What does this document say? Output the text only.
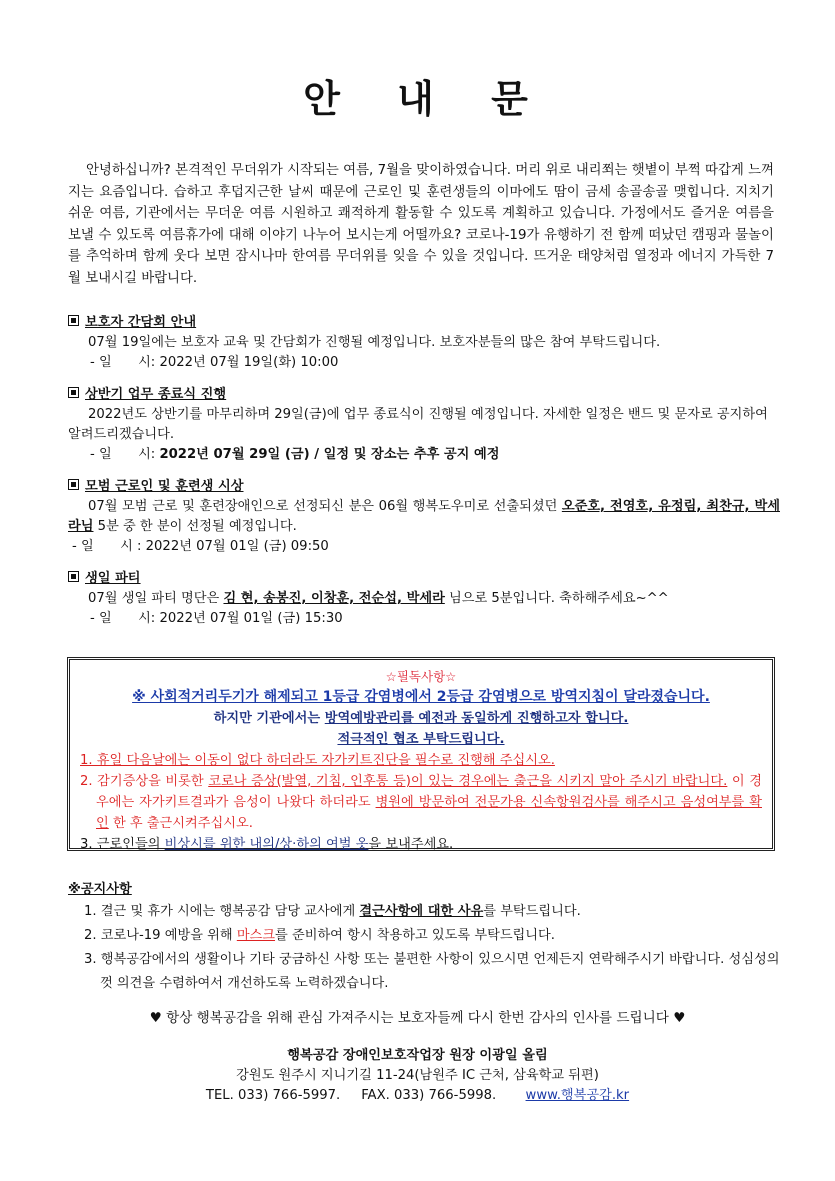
안 내 문
안녕하십니까? 본격적인 무더위가 시작되는 여름, 7월을 맞이하였습니다. 머리 위로 내리쬐는 햇볕이 부쩍 따갑게 느껴지는 요즘입니다. 습하고 후덥지근한 날씨 때문에 근로인 및 훈련생들의 이마에도 땀이 금세 송골송골 맺힙니다. 지치기 쉬운 여름, 기관에서는 무더운 여름 시원하고 쾌적하게 활동할 수 있도록 계획하고 있습니다. 가정에서도 즐거운 여름을 보낼 수 있도록 여름휴가에 대해 이야기 나누어 보시는게 어떨까요? 코로나-19가 유행하기 전 함께 떠났던 캠핑과 물놀이를 추억하며 함께 웃다 보면 잠시나마 한여름 무더위를 잊을 수 있을 것입니다. 뜨거운 태양처럼 열정과 에너지 가득한 7월 보내시길 바랍니다.
보호자 간담회 안내
07월 19일에는 보호자 교육 및 간담회가 진행될 예정입니다. 보호자분들의 많은 참여 부탁드립니다.
- 일　　시: 2022년 07월 19일(화) 10:00
상반기 업무 종료식 진행
2022년도 상반기를 마무리하며 29일(금)에 업무 종료식이 진행될 예정입니다. 자세한 일정은 밴드 및 문자로 공지하여 알려드리겠습니다.
- 일　　시: 2022년 07월 29일 (금) / 일정 및 장소는 추후 공지 예정
모범 근로인 및 훈련생 시상
07월 모범 근로 및 훈련장애인으로 선정되신 분은 06월 행복도우미로 선출되셨던 오준호, 전영호, 유정림, 최찬규, 박세라님 5분 중 한 분이 선정될 예정입니다.
- 일　　시 : 2022년 07월 01일 (금) 09:50
생일 파티
07월 생일 파티 명단은 김 현, 송봉진, 이창훈, 전순섭, 박세라 님으로 5분입니다. 축하해주세요~^^
- 일　　시: 2022년 07월 01일 (금) 15:30
☆필독사항☆
※ 사회적거리두기가 해제되고 1등급 감염병에서 2등급 감염병으로 방역지침이 달라졌습니다.
하지만 기관에서는 방역예방관리를 예전과 동일하게 진행하고자 합니다.
적극적인 협조 부탁드립니다.
1. 휴일 다음날에는 이동이 없다 하더라도 자가키트진단을 필수로 진행해 주십시오.
2. 감기증상을 비롯한 코로나 증상(발열, 기침, 인후통 등)이 있는 경우에는 출근을 시키지 말아 주시기 바랍니다. 이 경우에는 자가키트결과가 음성이 나왔다 하더라도 병원에 방문하여 전문가용 신속항원검사를 해주시고 음성여부를 확인 한 후 출근시켜주십시오.
3. 근로인들의 비상시를 위한 내의/상·하의 여벌 옷을 보내주세요.
※공지사항
1. 결근 및 휴가 시에는 행복공감 담당 교사에게 결근사항에 대한 사유를 부탁드립니다.
2. 코로나-19 예방을 위해 마스크를 준비하여 항시 착용하고 있도록 부탁드립니다.
3. 행복공감에서의 생활이나 기타 궁금하신 사항 또는 불편한 사항이 있으시면 언제든지 연락해주시기 바랍니다. 성심성의껏 의견을 수렴하여서 개선하도록 노력하겠습니다.
♥ 항상 행복공감을 위해 관심 가져주시는 보호자들께 다시 한번 감사의 인사를 드립니다 ♥
행복공감 장애인보호작업장 원장 이광일 올림
강원도 원주시 지니기길 11-24(남원주 IC 근처, 삼육학교 뒤편)
TEL. 033) 766-5997. FAX. 033) 766-5998. www.행복공감.kr
